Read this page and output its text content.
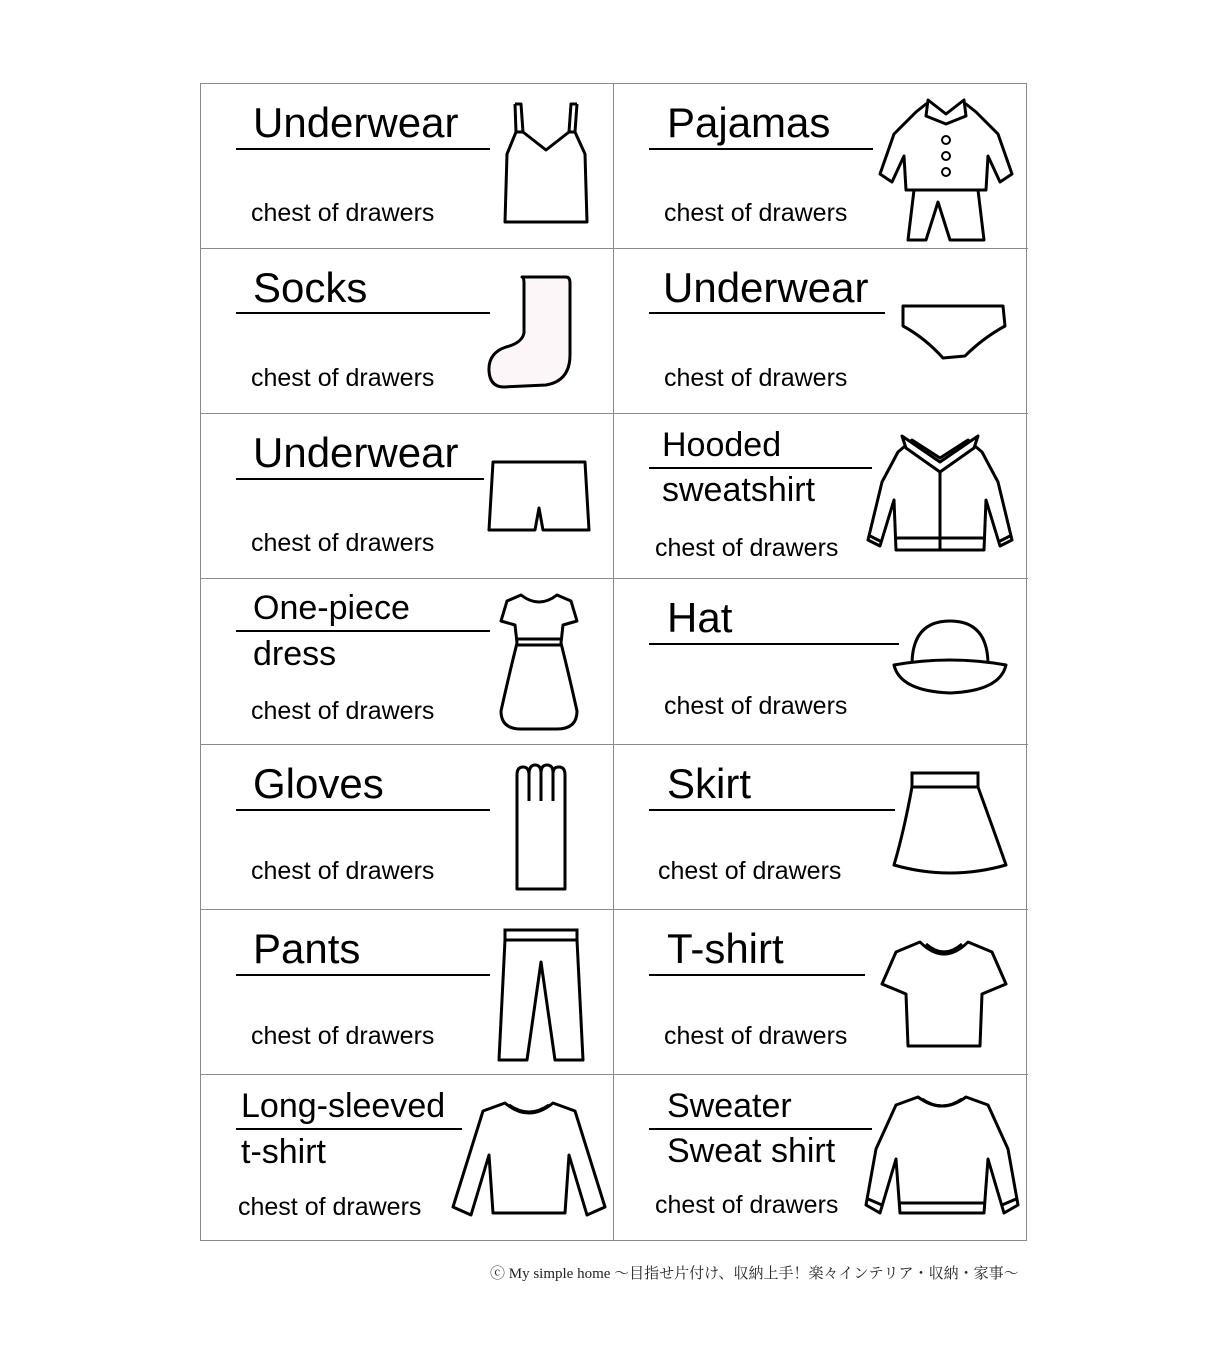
Underwear
chest of drawers
Pajamas
chest of drawers
Socks
chest of drawers
Underwear
chest of drawers
Underwear
chest of drawers
Hooded
sweatshirt
chest of drawers
One-piece
dress
chest of drawers
Hat
chest of drawers
Gloves
chest of drawers
Skirt
chest of drawers
Pants
chest of drawers
T-shirt
chest of drawers
Long-sleeved
t-shirt
chest of drawers
Sweater
Sweat shirt
chest of drawers
ⓒ My simple home ～目指せ片付け、収納上手！楽々インテリア・収納・家事～
